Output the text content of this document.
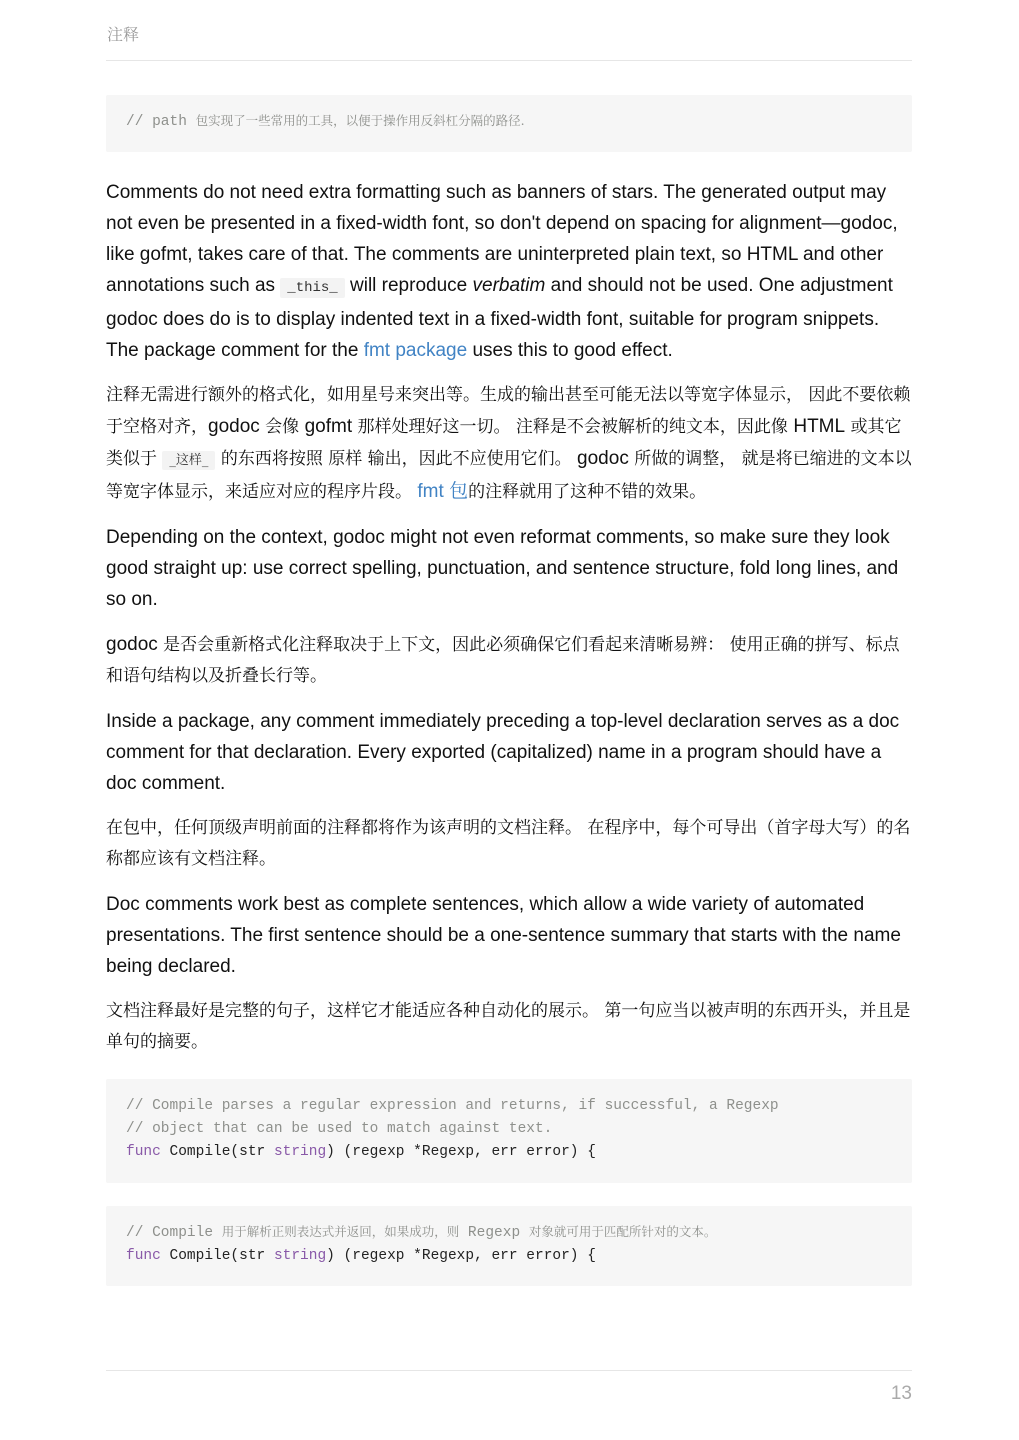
注释
// path 包实现了一些常用的工具，以便于操作用反斜杠分隔的路径.

Comments do not need extra formatting such as banners of stars. The generated output may not even be presented in a fixed-width font, so don't depend on spacing for alignment—godoc, like gofmt, takes care of that. The comments are uninterpreted plain text, so HTML and other annotations such as _this_ will reproduce verbatim and should not be used. One adjustment godoc does do is to display indented text in a fixed-width font, suitable for program snippets. The package comment for the fmt package uses this to good effect.

注释无需进行额外的格式化，如用星号来突出等。生成的输出甚至可能无法以等宽字体显示， 因此不要依赖于空格对齐，godoc 会像 gofmt 那样处理好这一切。 注释是不会被解析的纯文本，因此像 HTML 或其它类似于 _这样_ 的东西将按照 原样 输出，因此不应使用它们。 godoc 所做的调整， 就是将已缩进的文本以等宽字体显示，来适应对应的程序片段。 fmt 包的注释就用了这种不错的效果。

Depending on the context, godoc might not even reformat comments, so make sure they look good straight up: use correct spelling, punctuation, and sentence structure, fold long lines, and so on.

godoc 是否会重新格式化注释取决于上下文，因此必须确保它们看起来清晰易辨： 使用正确的拼写、标点和语句结构以及折叠长行等。

Inside a package, any comment immediately preceding a top-level declaration serves as a doc comment for that declaration. Every exported (capitalized) name in a program should have a doc comment.

在包中，任何顶级声明前面的注释都将作为该声明的文档注释。 在程序中，每个可导出（首字母大写）的名称都应该有文档注释。

Doc comments work best as complete sentences, which allow a wide variety of automated presentations. The first sentence should be a one-sentence summary that starts with the name being declared.

文档注释最好是完整的句子，这样它才能适应各种自动化的展示。 第一句应当以被声明的东西开头，并且是单句的摘要。

// Compile parses a regular expression and returns, if successful, a Regexp
// object that can be used to match against text.
func Compile(str string) (regexp *Regexp, err error) {
// Compile 用于解析正则表达式并返回，如果成功，则 Regexp 对象就可用于匹配所针对的文本。
func Compile(str string) (regexp *Regexp, err error) {
13
